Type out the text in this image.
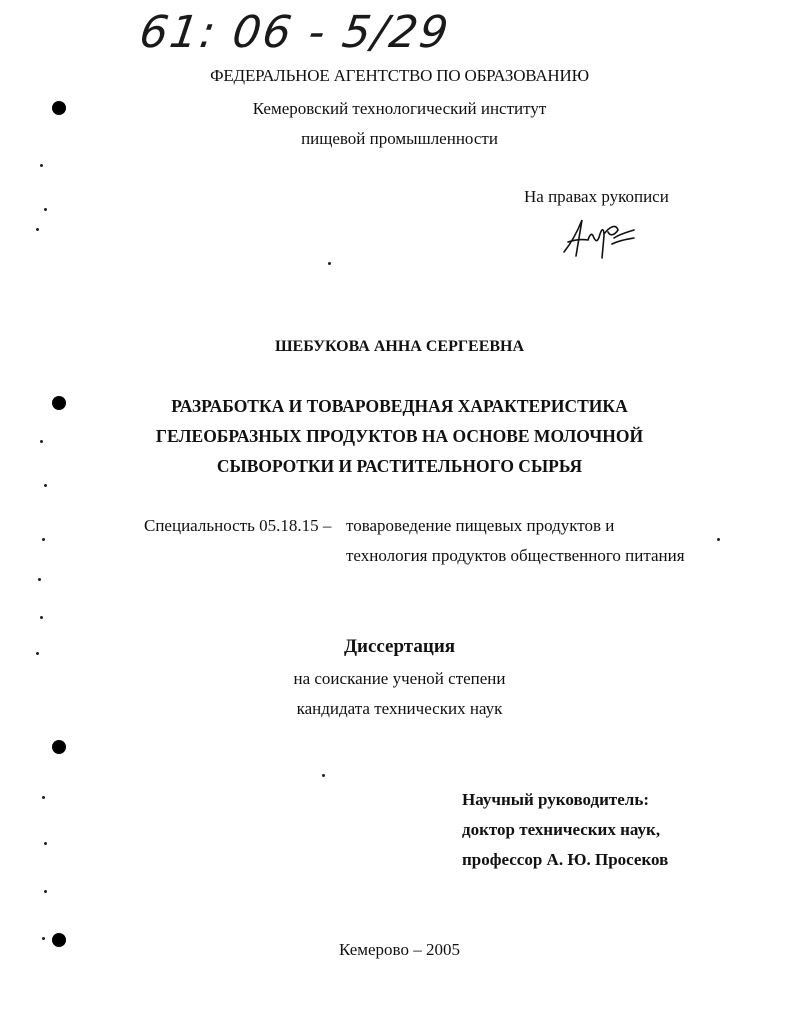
61: 06 - 5/29
ФЕДЕРАЛЬНОЕ АГЕНТСТВО ПО ОБРАЗОВАНИЮ
Кемеровский технологический институт
пищевой промышленности
На правах рукописи
ШЕБУКОВА АННА СЕРГЕЕВНА
РАЗРАБОТКА И ТОВАРОВЕДНАЯ ХАРАКТЕРИСТИКА
ГЕЛЕОБРАЗНЫХ ПРОДУКТОВ НА ОСНОВЕ МОЛОЧНОЙ
СЫВОРОТКИ И РАСТИТЕЛЬНОГО СЫРЬЯ
Специальность 05.18.15 – товароведение пищевых продуктов и
технология продуктов общественного питания
Диссертация
на соискание ученой степени
кандидата технических наук
Научный руководитель:
доктор технических наук,
профессор А. Ю. Просеков
Кемерово – 2005
